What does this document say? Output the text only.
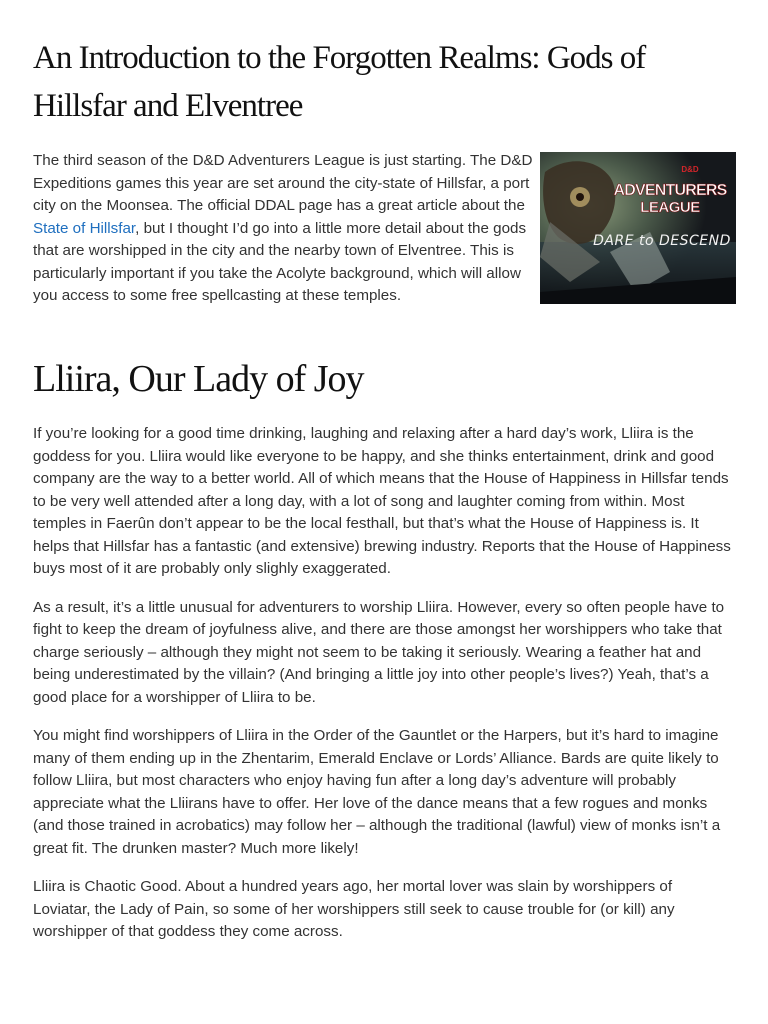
An Introduction to the Forgotten Realms: Gods of Hillsfar and Elventree
D&D
ADVENTURERS
LEAGUE
DARE to DESCEND

The third season of the D&D Adventurers League is just starting. The D&D Expeditions games this year are set around the city-state of Hillsfar, a port city on the Moonsea. The official DDAL page has a great article about the State of Hillsfar, but I thought I’d go into a little more detail about the gods that are worshipped in the city and the nearby town of Elventree. This is particularly important if you take the Acolyte background, which will allow you access to some free spellcasting at these temples.

Lliira, Our Lady of Joy

If you’re looking for a good time drinking, laughing and relaxing after a hard day’s work, Lliira is the goddess for you. Lliira would like everyone to be happy, and she thinks entertainment, drink and good company are the way to a better world. All of which means that the House of Happiness in Hillsfar tends to be very well attended after a long day, with a lot of song and laughter coming from within. Most temples in Faerûn don’t appear to be the local festhall, but that’s what the House of Happiness is. It helps that Hillsfar has a fantastic (and extensive) brewing industry. Reports that the House of Happiness buys most of it are probably only slighly exaggerated.

As a result, it’s a little unusual for adventurers to worship Lliira. However, every so often people have to fight to keep the dream of joyfulness alive, and there are those amongst her worshippers who take that charge seriously – although they might not seem to be taking it seriously. Wearing a feather hat and being underestimated by the villain? (And bringing a little joy into other people’s lives?) Yeah, that’s a good place for a worshipper of Lliira to be.

You might find worshippers of Lliira in the Order of the Gauntlet or the Harpers, but it’s hard to imagine many of them ending up in the Zhentarim, Emerald Enclave or Lords’ Alliance. Bards are quite likely to follow Lliira, but most characters who enjoy having fun after a long day’s adventure will probably appreciate what the Lliirans have to offer. Her love of the dance means that a few rogues and monks (and those trained in acrobatics) may follow her – although the traditional (lawful) view of monks isn’t a great fit. The drunken master? Much more likely!

Lliira is Chaotic Good. About a hundred years ago, her mortal lover was slain by worshippers of Loviatar, the Lady of Pain, so some of her worshippers still seek to cause trouble for (or kill) any worshipper of that goddess they come across.
